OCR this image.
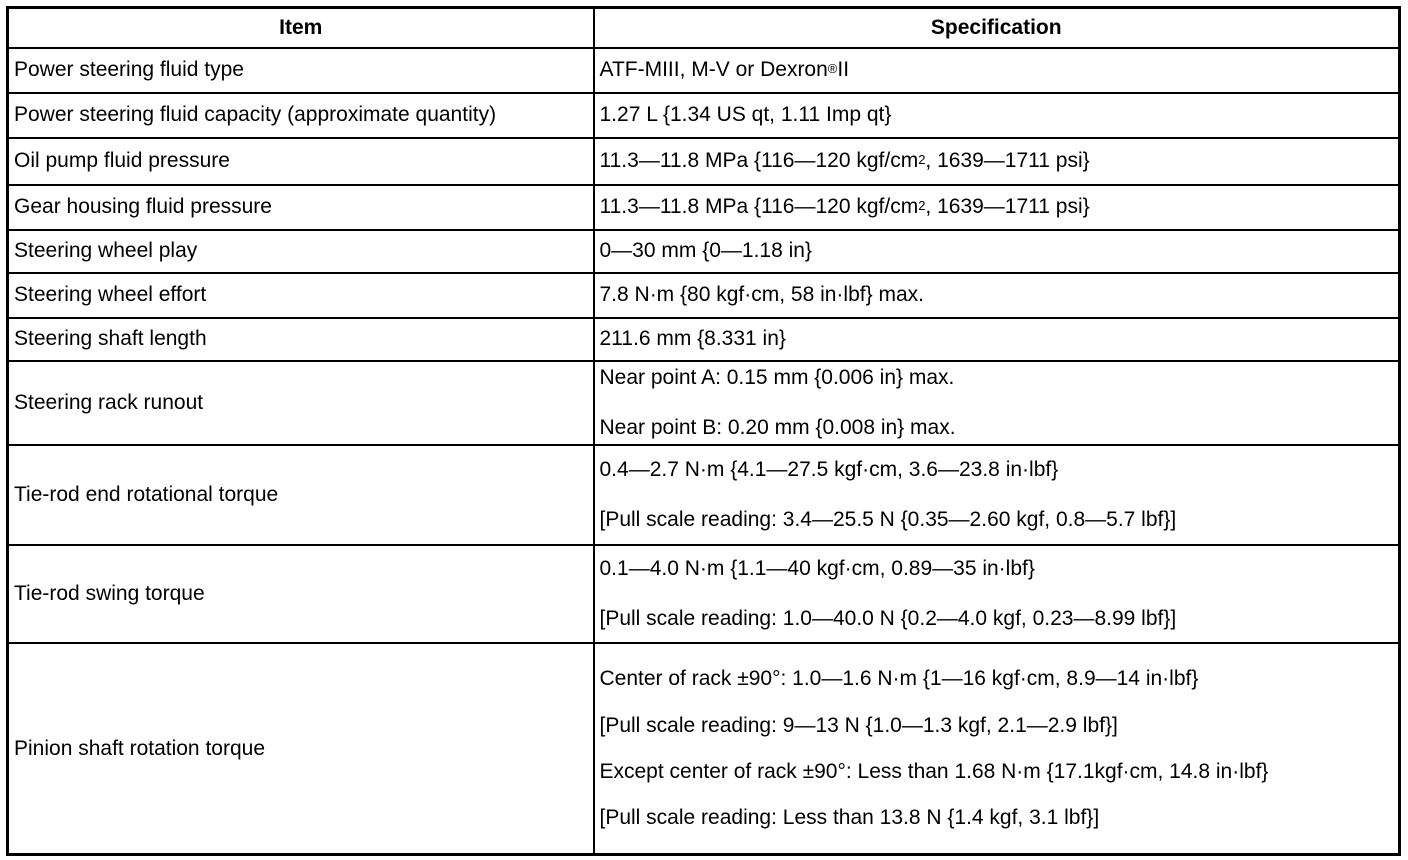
Item	Specification
Power steering fluid type	ATF-MIII, M-V or Dexron®II

Power steering fluid capacity (approximate quantity)	1.27 L {1.34 US qt, 1.11 Imp qt}

Oil pump fluid pressure	11.3—11.8 MPa {116—120 kgf/$cm^2$, 1639—1711 psi}

Gear housing fluid pressure	11.3—11.8 MPa {116—120 kgf/$cm^2$, 1639—1711 psi}

Steering wheel play	0—30 mm {0—1.18 in}

Steering wheel effort	7.8 N·m {80 kgf·cm, 58 in·lbf} max.

Steering shaft length	211.6 mm {8.331 in}

Steering rack runout	Near point A: 0.15 mm {0.006 in} max.
Near point B: 0.20 mm {0.008 in} max.

Tie-rod end rotational torque	0.4—2.7 N·m {4.1—27.5 kgf·cm, 3.6—23.8 in·lbf}
[Pull scale reading: 3.4—25.5 N {0.35—2.60 kgf, 0.8—5.7 lbf}]

Tie-rod swing torque	0.1—4.0 N·m {1.1—40 kgf·cm, 0.89—35 in·lbf}
[Pull scale reading: 1.0—40.0 N {0.2—4.0 kgf, 0.23—8.99 lbf}]

Pinion shaft rotation torque	Center of rack ±90°: 1.0—1.6 N·m {1—16 kgf·cm, 8.9—14 in·lbf}
[Pull scale reading: 9—13 N {1.0—1.3 kgf, 2.1—2.9 lbf}]
Except center of rack ±90°: Less than 1.68 N·m {17.1kgf·cm, 14.8 in·lbf}
[Pull scale reading: Less than 13.8 N {1.4 kgf, 3.1 lbf}]
